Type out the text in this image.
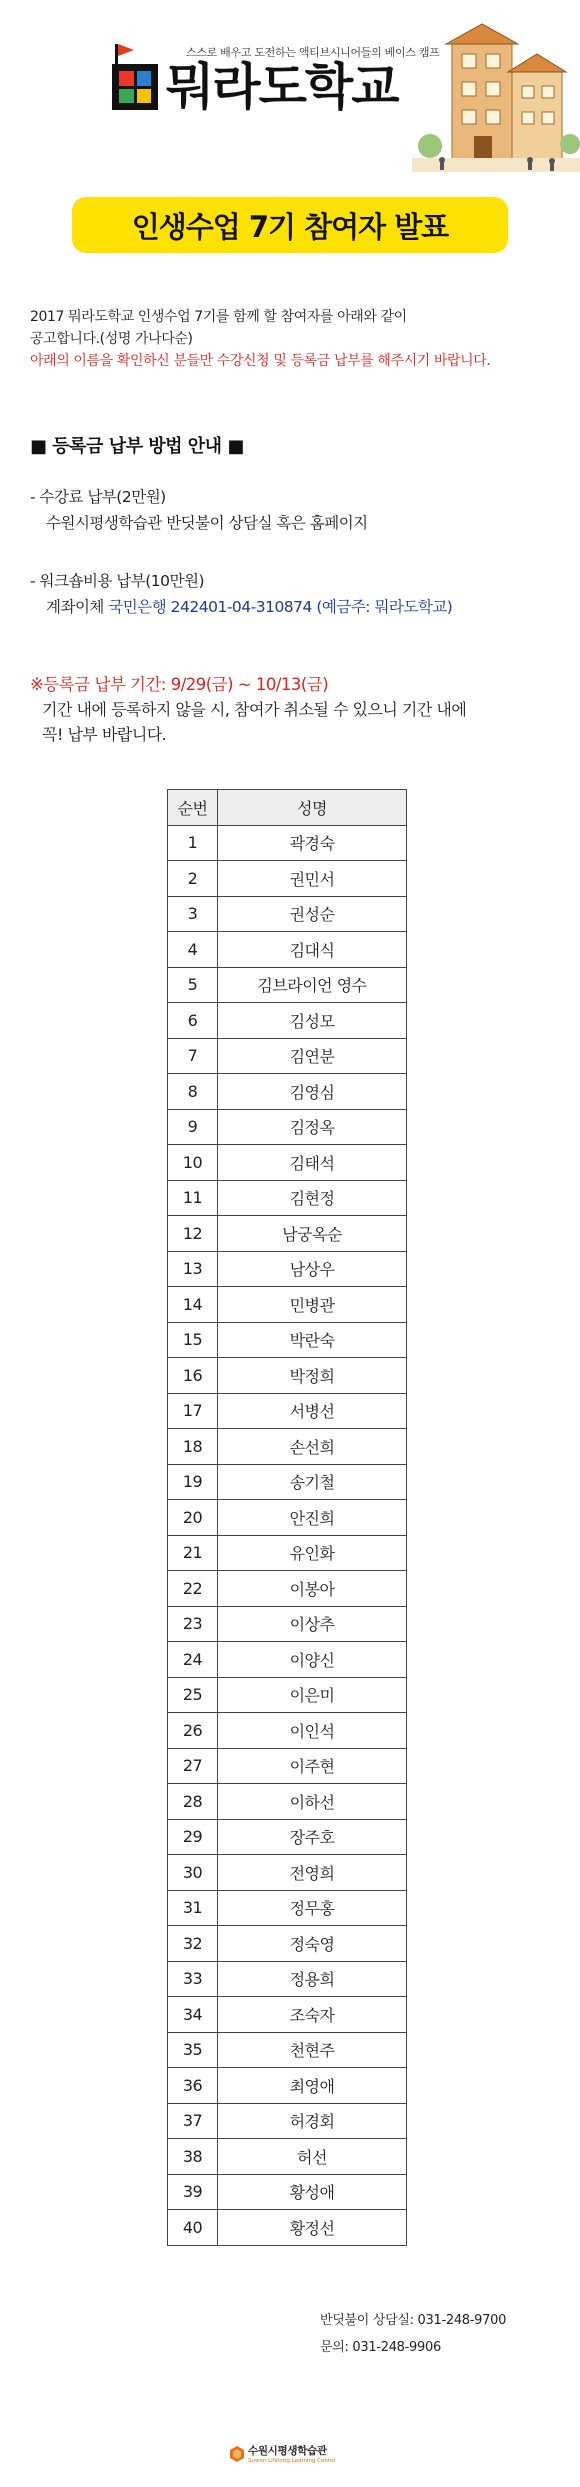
스스로 배우고 도전하는 액티브시니어들의 베이스 캠프
뭐라도학교
인생수업 7기 참여자 발표
2017 뭐라도학교 인생수업 7기를 함께 할 참여자를 아래와 같이
공고합니다.(성명 가나다순)
아래의 이름을 확인하신 분들만 수강신청 및 등록금 납부를 해주시기 바랍니다.
■ 등록금 납부 방법 안내 ■
- 수강료 납부(2만원)
수원시평생학습관 반딧불이 상담실 혹은 홈페이지
- 워크숍비용 납부(10만원)
계좌이체 국민은행 242401-04-310874 (예금주: 뭐라도학교)
※등록금 납부 기간: 9/29(금) ~ 10/13(금)
기간 내에 등록하지 않을 시, 참여가 취소될 수 있으니 기간 내에
꼭! 납부 바랍니다.
순번	성명
1	곽경숙
2	권민서
3	권성순
4	김대식
5	김브라이언 영수
6	김성모
7	김연분
8	김영심
9	김정옥
10	김태석
11	김현정
12	남궁옥순
13	남상우
14	민병관
15	박란숙
16	박정희
17	서병선
18	손선희
19	송기철
20	안진희
21	유인화
22	이봉아
23	이상추
24	이양신
25	이은미
26	이인석
27	이주현
28	이하선
29	장주호
30	전영희
31	정무홍
32	정숙영
33	정용희
34	조숙자
35	천현주
36	최영애
37	허경회
38	허선
39	황성애
40	황정선
반딧불이 상담실: 031-248-9700
문의: 031-248-9906
수원시평생학습관
Suwon Lifelong Learning Center
